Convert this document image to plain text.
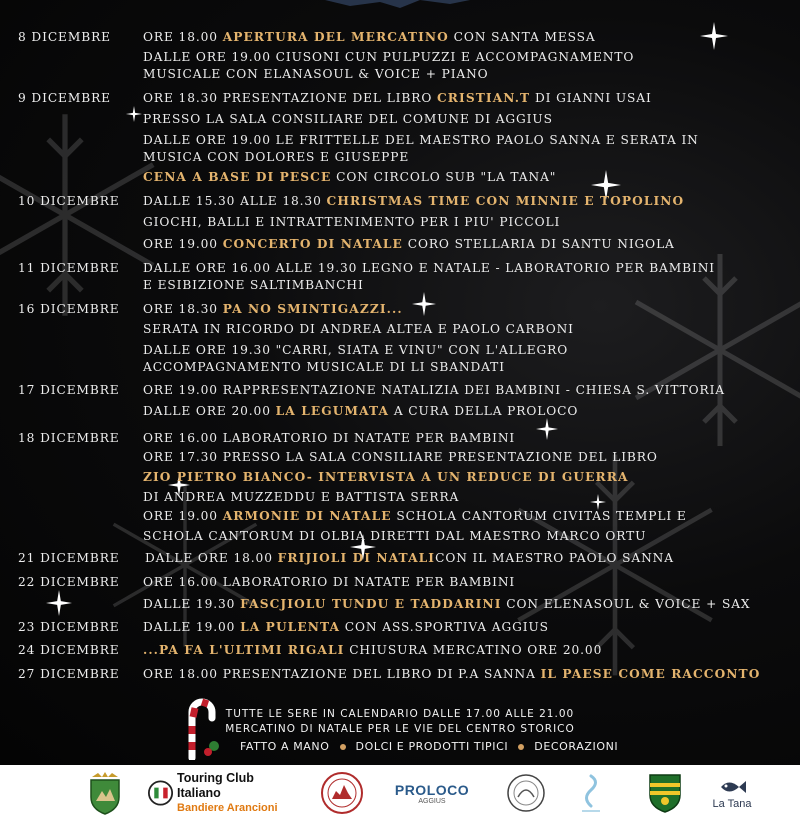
8 DICEMBRE	ORE 18.00 APERTURA DEL MERCATINO CON SANTA MESSA
DALLE ORE 19.00 CIUSONI CUN PULPUZZI E ACCOMPAGNAMENTO
MUSICALE CON ELANASOUL & VOICE + PIANO
9 DICEMBRE	ORE 18.30 PRESENTAZIONE DEL LIBRO CRISTIAN.T DI GIANNI USAI
PRESSO LA SALA CONSILIARE DEL COMUNE DI AGGIUS
DALLE ORE 19.00 LE FRITTELLE DEL MAESTRO PAOLO SANNA E SERATA IN
MUSICA CON DOLORES E GIUSEPPE
CENA A BASE DI PESCE CON CIRCOLO SUB "LA TANA"
10 DICEMBRE DALLE 15.30 ALLE 18.30 CHRISTMAS TIME CON MINNIE E TOPOLINO
GIOCHI, BALLI E INTRATTENIMENTO PER I PIU' PICCOLI
ORE 19.00 CONCERTO DI NATALE CORO STELLARIA DI SANTU NIGOLA
11 DICEMBRE DALLE ORE 16.00 ALLE 19.30 LEGNO E NATALE - LABORATORIO PER BAMBINI
E ESIBIZIONE SALTIMBANCHI
16 DICEMBRE ORE 18.30 PA NO SMINTIGAZZI...
SERATA IN RICORDO DI ANDREA ALTEA E PAOLO CARBONI
DALLE ORE 19.30 "CARRI, SIATA E VINU" CON L'ALLEGRO
ACCOMPAGNAMENTO MUSICALE DI LI SBANDATI
17 DICEMBRE ORE 19.00 RAPPRESENTAZIONE NATALIZIA DEI BAMBINI - CHIESA S. VITTORIA
DALLE ORE 20.00 LA LEGUMATA A CURA DELLA PROLOCO
18 DICEMBRE ORE 16.00 LABORATORIO DI NATATE PER BAMBINI
ORE 17.30 PRESSO LA SALA CONSILIARE PRESENTAZIONE DEL LIBRO
ZIO PIETRO BIANCO- INTERVISTA A UN REDUCE DI GUERRA
DI ANDREA MUZZEDDU E BATTISTA SERRA
ORE 19.00 ARMONIE DI NATALE SCHOLA CANTORUM CIVITAS TEMPLI E
SCHOLA CANTORUM DI OLBIA DIRETTI DAL MAESTRO MARCO ORTU
21 DICEMBRE DALLE ORE 18.00 FRIJIOLI DI NATALICON IL MAESTRO PAOLO SANNA
22 DICEMBRE ORE 16.00 LABORATORIO DI NATATE PER BAMBINI
DALLE 19.30 FASCJIOLU TUNDU E TADDARINI CON ELENASOUL & VOICE + SAX
23 DICEMBRE DALLE 19.00 LA PULENTA CON ASS.SPORTIVA AGGIUS
24 DICEMBRE ...PA FA L'ULTIMI RIGALI CHIUSURA MERCATINO ORE 20.00
27 DICEMBRE ORE 18.00 PRESENTAZIONE DEL LIBRO DI P.A SANNA IL PAESE COME RACCONTO
TUTTE LE SERE IN CALENDARIO DALLE 17.00 ALLE 21.00
MERCATINO DI NATALE PER LE VIE DEL CENTRO STORICO
FATTO A MANO DOLCI E PRODOTTI TIPICI DECORAZIONI
Touring Club Italiano
Bandiere Arancioni
PROLOCO
AGGIUS	La Tana
